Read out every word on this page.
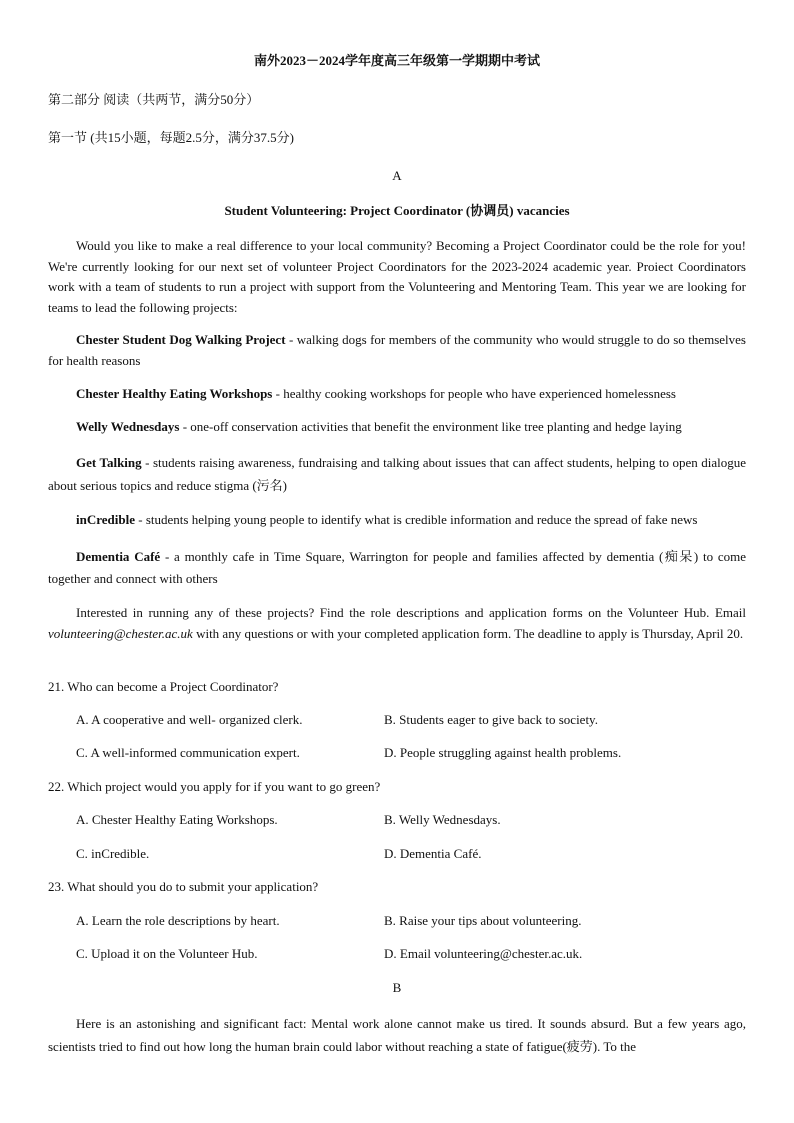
南外2023－2024学年度高三年级第一学期期中考试
第二部分 阅读（共两节，满分50分）
第一节 (共15小题，每题2.5分，满分37.5分)
A
Student Volunteering: Project Coordinator (协调员) vacancies
Would you like to make a real difference to your local community? Becoming a Project Coordinator could be the role for you! We're currently looking for our next set of volunteer Project Coordinators for the 2023-2024 academic year. Proiect Coordinators work with a team of students to run a project with support from the Volunteering and Mentoring Team. This year we are looking for teams to lead the following projects:
Chester Student Dog Walking Project - walking dogs for members of the community who would struggle to do so themselves for health reasons
Chester Healthy Eating Workshops - healthy cooking workshops for people who have experienced homelessness
Welly Wednesdays - one-off conservation activities that benefit the environment like tree planting and hedge laying
Get Talking - students raising awareness, fundraising and talking about issues that can affect students, helping to open dialogue about serious topics and reduce stigma (污名)
inCredible - students helping young people to identify what is credible information and reduce the spread of fake news
Dementia Café - a monthly cafe in Time Square, Warrington for people and families affected by dementia (痴呆) to come together and connect with others
Interested in running any of these projects? Find the role descriptions and application forms on the Volunteer Hub. Email volunteering@chester.ac.uk with any questions or with your completed application form. The deadline to apply is Thursday, April 20.
21. Who can become a Project Coordinator?
A. A cooperative and well- organized clerk.	B. Students eager to give back to society.
C. A well-informed communication expert.	D. People struggling against health problems.
22. Which project would you apply for if you want to go green?
A. Chester Healthy Eating Workshops.	B. Welly Wednesdays.
C. inCredible.	D. Dementia Café.
23. What should you do to submit your application?
A. Learn the role descriptions by heart.	B. Raise your tips about volunteering.
C. Upload it on the Volunteer Hub.	D. Email volunteering@chester.ac.uk.
B
Here is an astonishing and significant fact: Mental work alone cannot make us tired. It sounds absurd. But a few years ago, scientists tried to find out how long the human brain could labor without reaching a state of fatigue(疲劳). To the
